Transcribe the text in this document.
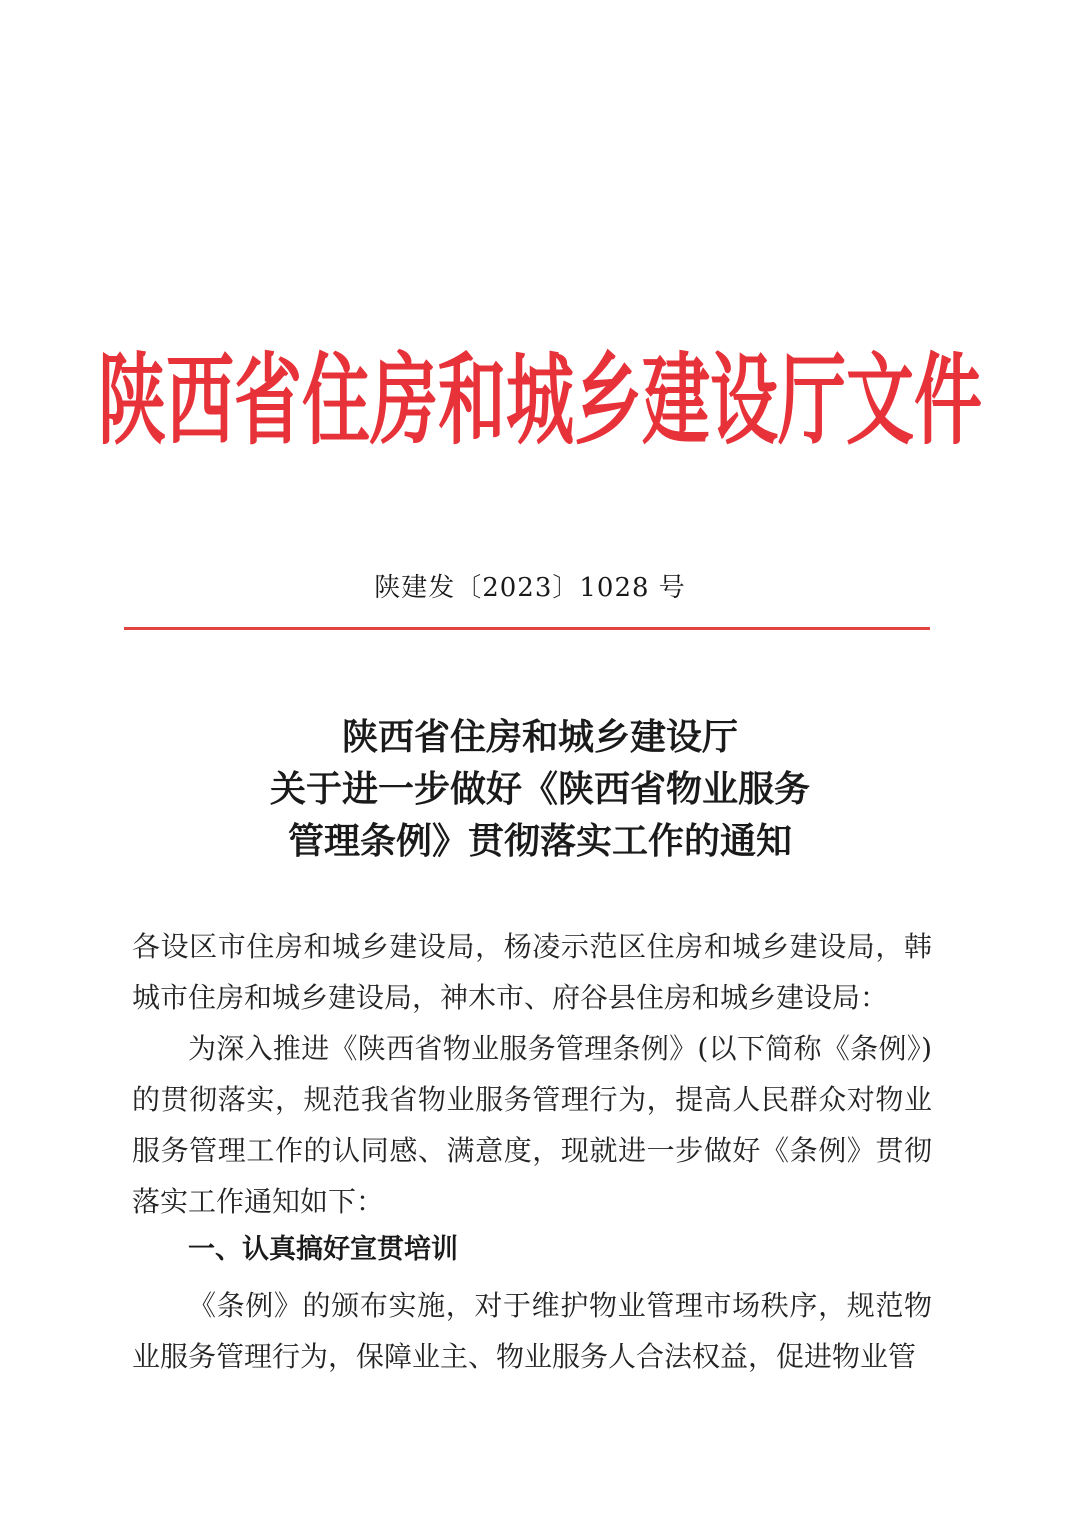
陕西省住房和城乡建设厅文件
陕建发〔2023〕1028 号
陕西省住房和城乡建设厅
关于进一步做好《陕西省物业服务
管理条例》贯彻落实工作的通知
各设区市住房和城乡建设局，杨凌示范区住房和城乡建设局，韩城市住房和城乡建设局，神木市、府谷县住房和城乡建设局：
为深入推进《陕西省物业服务管理条例》(以下简称《条例》)的贯彻落实，规范我省物业服务管理行为，提高人民群众对物业服务管理工作的认同感、满意度，现就进一步做好《条例》贯彻落实工作通知如下：
一、认真搞好宣贯培训
《条例》的颁布实施，对于维护物业管理市场秩序，规范物业服务管理行为，保障业主、物业服务人合法权益，促进物业管
